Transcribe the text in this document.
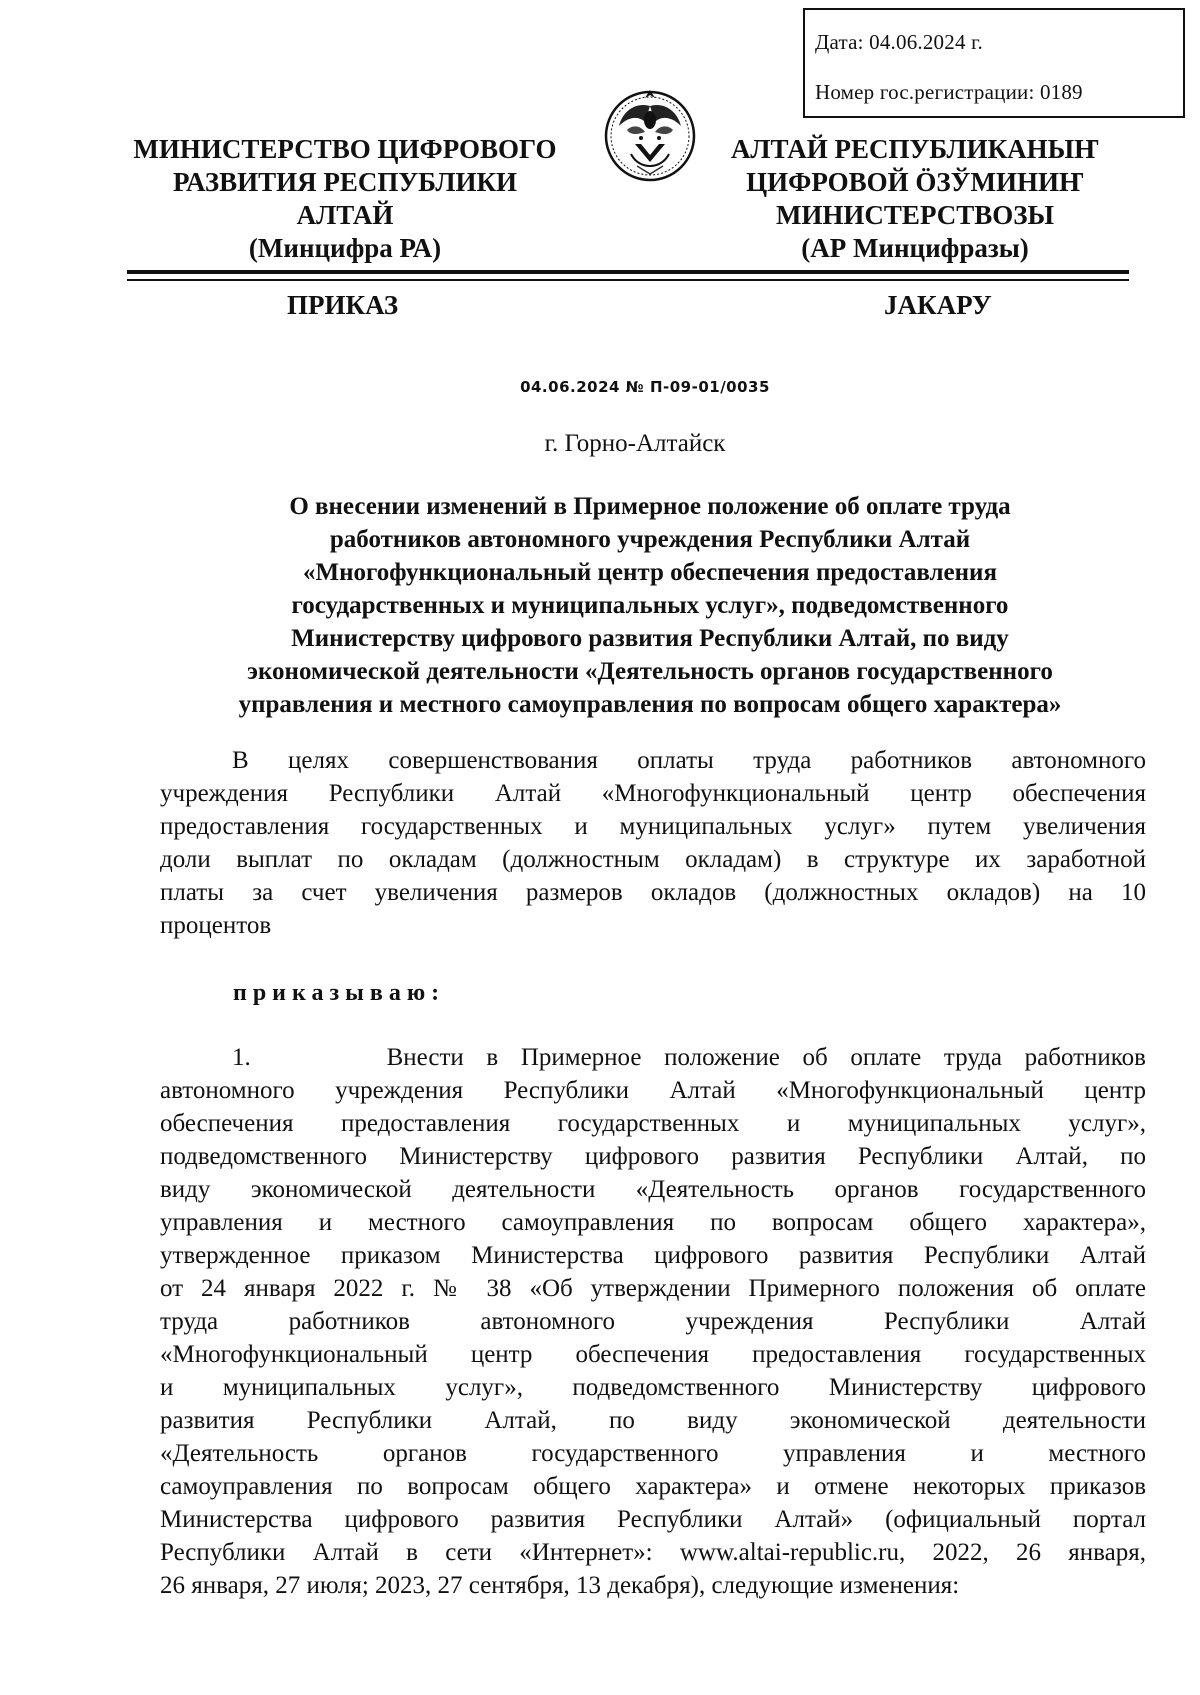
Дата: 04.06.2024 г.
Номер гос.регистрации: 0189
МИНИСТЕРСТВО ЦИФРОВОГО
РАЗВИТИЯ РЕСПУБЛИКИ
АЛТАЙ
(Минцифра РА)
АЛТАЙ РЕСПУБЛИКАНЫҤ
ЦИФРОВОЙ ÖЗЎМИНИҤ
МИНИСТЕРСТВОЗЫ
(АР Минцифразы)
ПРИКАЗ	JАКАРУ
04.06.2024 № П-09-01/0035
г. Горно-Алтайск
О внесении изменений в Примерное положение об оплате труда
работников автономного учреждения Республики Алтай
«Многофункциональный центр обеспечения предоставления
государственных и муниципальных услуг», подведомственного
Министерству цифрового развития Республики Алтай, по виду
экономической деятельности «Деятельность органов государственного
управления и местного самоуправления по вопросам общего характера»
В целях совершенствования оплаты труда работников автономного
учреждения Республики Алтай «Многофункциональный центр обеспечения
предоставления государственных и муниципальных услуг» путем увеличения
доли выплат по окладам (должностным окладам) в структуре их заработной
платы за счет увеличения размеров окладов (должностных окладов) на 10
процентов
приказываю:
1.      Внести в Примерное положение об оплате труда работников
автономного учреждения Республики Алтай «Многофункциональный центр
обеспечения предоставления государственных и муниципальных услуг»,
подведомственного Министерству цифрового развития Республики Алтай, по
виду экономической деятельности «Деятельность органов государственного
управления и местного самоуправления по вопросам общего характера»,
утвержденное приказом Министерства цифрового развития Республики Алтай
от 24 января 2022 г. № 38 «Об утверждении Примерного положения об оплате
труда работников автономного учреждения Республики Алтай
«Многофункциональный центр обеспечения предоставления государственных
и муниципальных услуг», подведомственного Министерству цифрового
развития Республики Алтай, по виду экономической деятельности
«Деятельность органов государственного управления и местного
самоуправления по вопросам общего характера» и отмене некоторых приказов
Министерства цифрового развития Республики Алтай» (официальный портал
Республики Алтай в сети «Интернет»: www.altai-republic.ru, 2022, 26 января,
26 января, 27 июля; 2023, 27 сентября, 13 декабря), следующие изменения:
